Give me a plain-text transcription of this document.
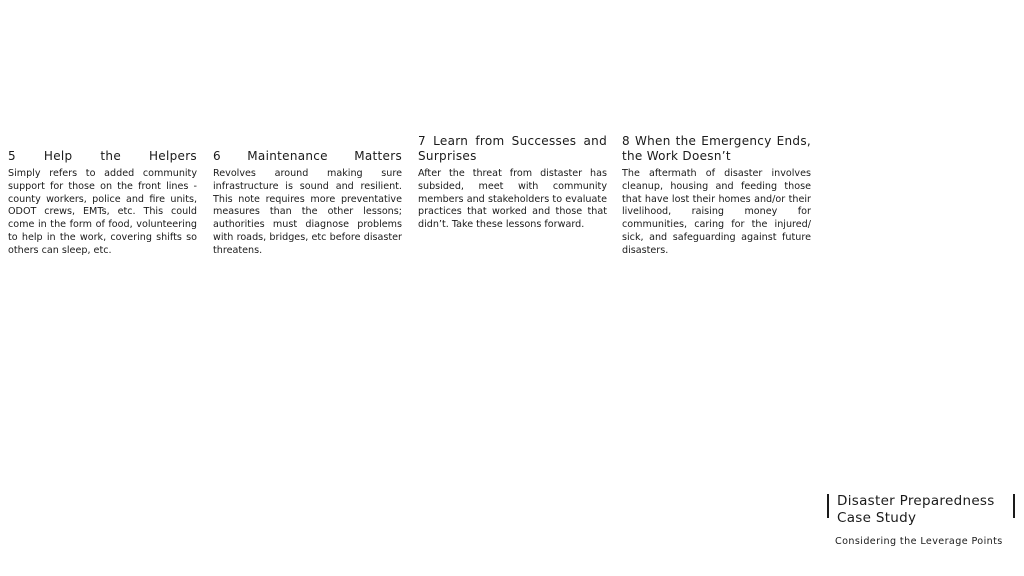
5 Help the Helpers

Simply refers to added community support for those on the front lines - county workers, police and fire units, ODOT crews, EMTs, etc. This could come in the form of food, volunteering to help in the work, covering shifts so others can sleep, etc.

6 Maintenance Matters

Revolves around making sure infrastructure is sound and resilient. This note requires more preventative measures than the other lessons; authorities must diagnose problems with roads, bridges, etc before disaster threatens.

7 Learn from Successes and Surprises

After the threat from distaster has subsided, meet with community members and stakeholders to evaluate practices that worked and those that didn’t. Take these lessons forward.

8 When the Emergency Ends, the Work Doesn’t

The aftermath of disaster involves cleanup, housing and feeding those that have lost their homes and/or their livelihood, raising money for communities, caring for the injured/ sick, and safeguarding against future disasters.

Disaster Preparedness
Case Study
Considering the Leverage Points
